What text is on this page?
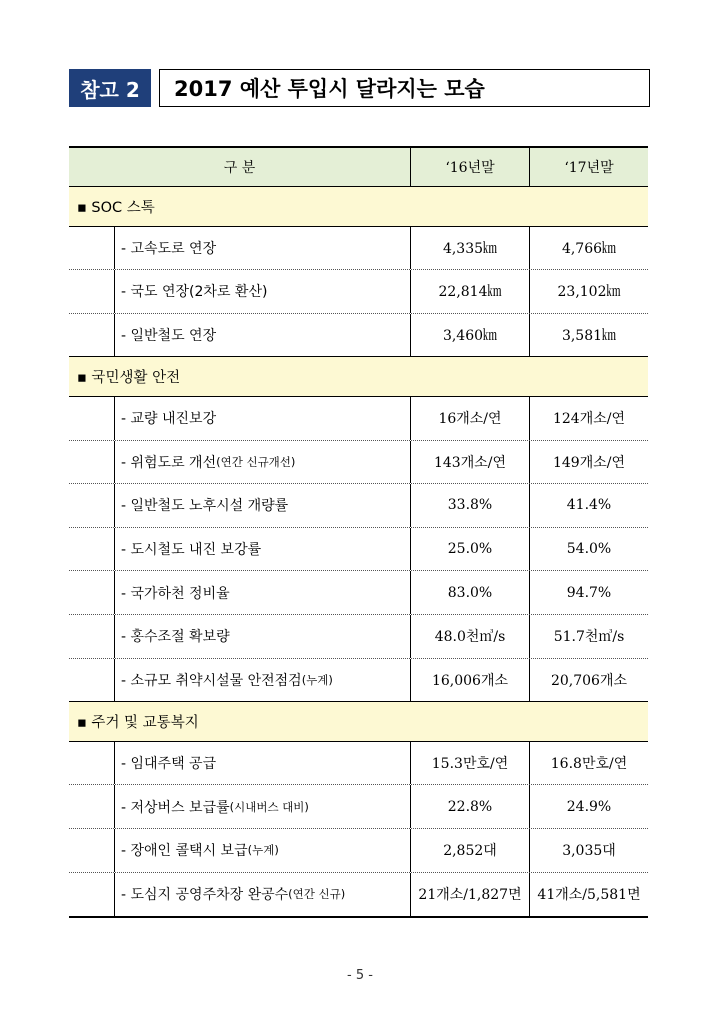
참고 2	2017 예산 투입시 달라지는 모습
구 분	‘16년말	‘17년말
▪ SOC 스톡
- 고속도로 연장	4,335㎞	4,766㎞
- 국도 연장(2차로 환산)	22,814㎞	23,102㎞
- 일반철도 연장	3,460㎞	3,581㎞
▪ 국민생활 안전
- 교량 내진보강	16개소/연	124개소/연
- 위험도로 개선 (연간 신규개선)	143개소/연	149개소/연
- 일반철도 노후시설 개량률	33.8%	41.4%
- 도시철도 내진 보강률	25.0%	54.0%
- 국가하천 정비율	83.0%	94.7%
- 홍수조절 확보량	48.0천㎥/s	51.7천㎥/s
- 소규모 취약시설물 안전점검 (누계)	16,006개소	20,706개소
▪ 주거 및 교통복지
- 임대주택 공급	15.3만호/연	16.8만호/연
- 저상버스 보급률 (시내버스 대비)	22.8%	24.9%
- 장애인 콜택시 보급 (누계)	2,852대	3,035대
- 도심지 공영주차장 완공수 (연간 신규)	21개소/1,827면	41개소/5,581면
- 5 -
